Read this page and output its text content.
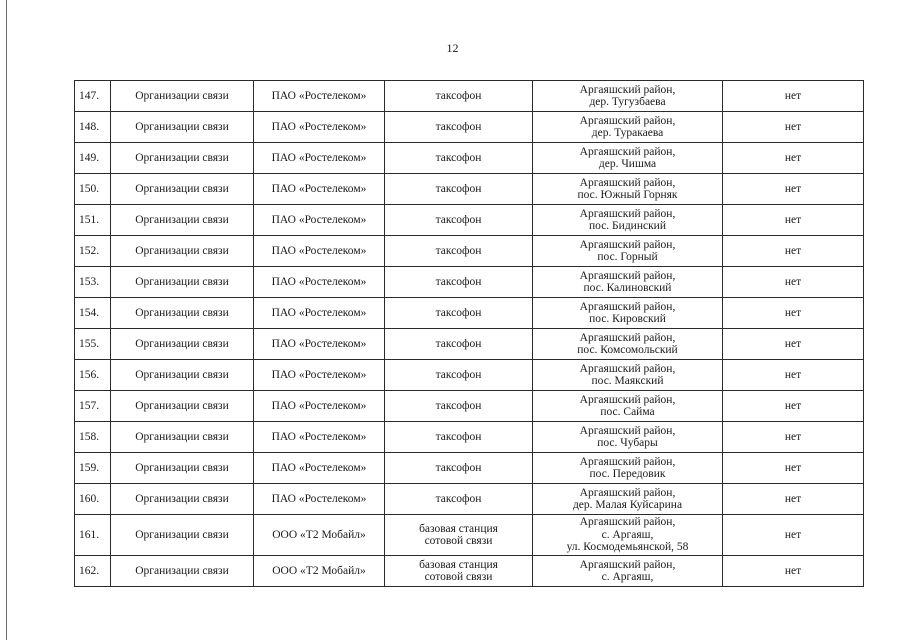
12
147.	Организации связи	ПАО «Ростелеком»	таксофон	Аргаяшский район,
дер. Тугузбаева	нет
148.	Организации связи	ПАО «Ростелеком»	таксофон	Аргаяшский район,
дер. Туракаева	нет
149.	Организации связи	ПАО «Ростелеком»	таксофон	Аргаяшский район,
дер. Чишма	нет
150.	Организации связи	ПАО «Ростелеком»	таксофон	Аргаяшский район,
пос. Южный Горняк	нет
151.	Организации связи	ПАО «Ростелеком»	таксофон	Аргаяшский район,
пос. Бидинский	нет
152.	Организации связи	ПАО «Ростелеком»	таксофон	Аргаяшский район,
пос. Горный	нет
153.	Организации связи	ПАО «Ростелеком»	таксофон	Аргаяшский район,
пос. Калиновский	нет
154.	Организации связи	ПАО «Ростелеком»	таксофон	Аргаяшский район,
пос. Кировский	нет
155.	Организации связи	ПАО «Ростелеком»	таксофон	Аргаяшский район,
пос. Комсомольский	нет
156.	Организации связи	ПАО «Ростелеком»	таксофон	Аргаяшский район,
пос. Маякский	нет
157.	Организации связи	ПАО «Ростелеком»	таксофон	Аргаяшский район,
пос. Сайма	нет
158.	Организации связи	ПАО «Ростелеком»	таксофон	Аргаяшский район,
пос. Чубары	нет
159.	Организации связи	ПАО «Ростелеком»	таксофон	Аргаяшский район,
пос. Передовик	нет
160.	Организации связи	ПАО «Ростелеком»	таксофон	Аргаяшский район,
дер. Малая Куйсарина	нет
161.	Организации связи	ООО «Т2 Мобайл»	базовая станция
сотовой связи	Аргаяшский район,
с. Аргаяш,
ул. Космодемьянской, 58	нет
162.	Организации связи	ООО «Т2 Мобайл»	базовая станция
сотовой связи	Аргаяшский район,
с. Аргаяш,	нет
